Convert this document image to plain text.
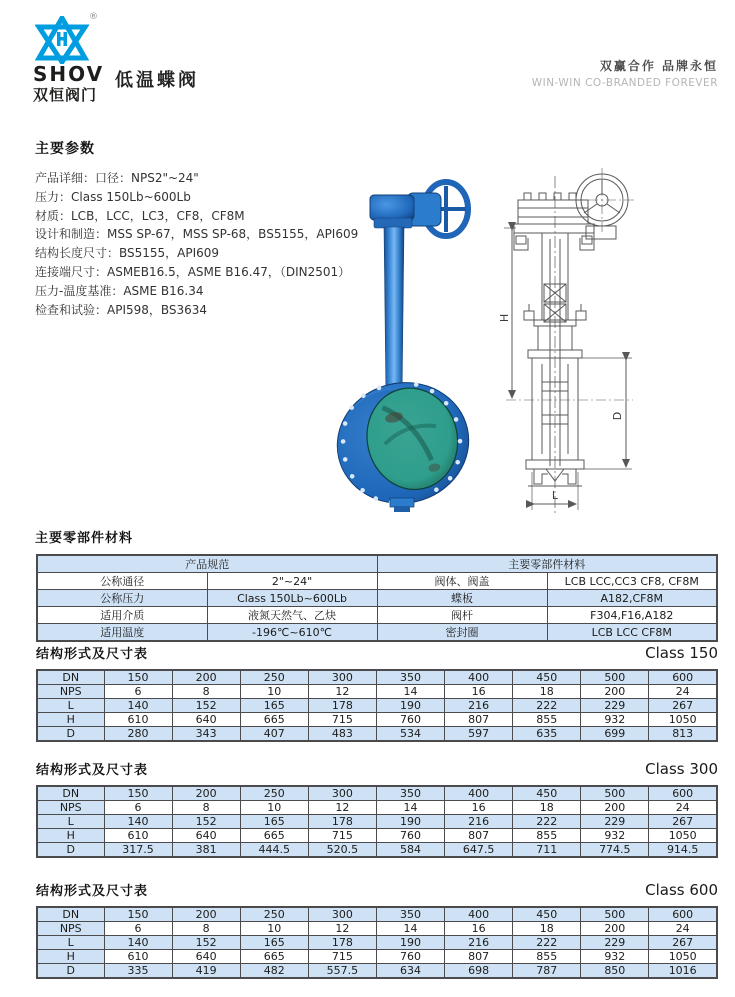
®
SHOV
双恒阀门
低温蝶阀
双赢合作 品牌永恒
WIN-WIN CO-BRANDED FOREVER
主要参数
产品详细：口径：NPS2"~24"
压力：Class 150Lb~600Lb
材质：LCB，LCC，LC3，CF8，CF8M
设计和制造：MSS SP-67，MSS SP-68，BS5155，API609
结构长度尺寸：BS5155，API609
连接端尺寸：ASMEB16.5，ASME B16.47，（DIN2501）
压力-温度基准：ASME B16.34
检查和试验：API598，BS3634
H
D
L
主要零部件材料
产品规范		主要零部件材料	
公称通径	2"~24"	阀体、阀盖	LCB LCC,CC3 CF8, CF8M
公称压力	Class 150Lb~600Lb	蝶板	A182,CF8M
适用介质	液氮天然气、乙炔	阀杆	F304,F16,A182
适用温度	-196℃~610℃	密封圈	LCB LCC CF8M
结构形式及尺寸表	Class 150
DN	150	200	250	300	350	400	450	500	600
NPS	6	8	10	12	14	16	18	200	24
L	140	152	165	178	190	216	222	229	267
H	610	640	665	715	760	807	855	932	1050
D	280	343	407	483	534	597	635	699	813
结构形式及尺寸表	Class 300
DN	150	200	250	300	350	400	450	500	600
NPS	6	8	10	12	14	16	18	200	24
L	140	152	165	178	190	216	222	229	267
H	610	640	665	715	760	807	855	932	1050
D	317.5	381	444.5	520.5	584	647.5	711	774.5	914.5
结构形式及尺寸表	Class 600
DN	150	200	250	300	350	400	450	500	600
NPS	6	8	10	12	14	16	18	200	24
L	140	152	165	178	190	216	222	229	267
H	610	640	665	715	760	807	855	932	1050
D	335	419	482	557.5	634	698	787	850	1016
